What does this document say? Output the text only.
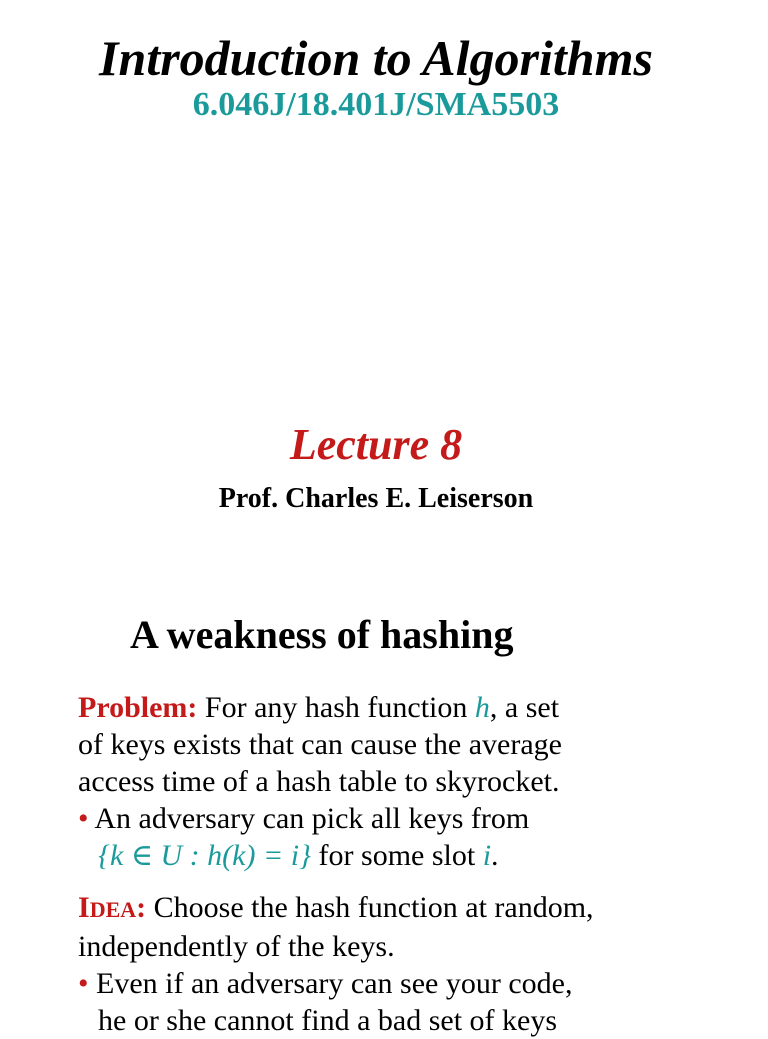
Introduction to Algorithms
6.046J/18.401J/SMA5503
Lecture 8
Prof. Charles E. Leiserson
A weakness of hashing
Problem: For any hash function h, a set
of keys exists that can cause the average
access time of a hash table to skyrocket.
• An adversary can pick all keys from
{k ∈ U : h(k) = i} for some slot i.
IDEA: Choose the hash function at random,
independently of the keys.
• Even if an adversary can see your code,
he or she cannot find a bad set of keys
